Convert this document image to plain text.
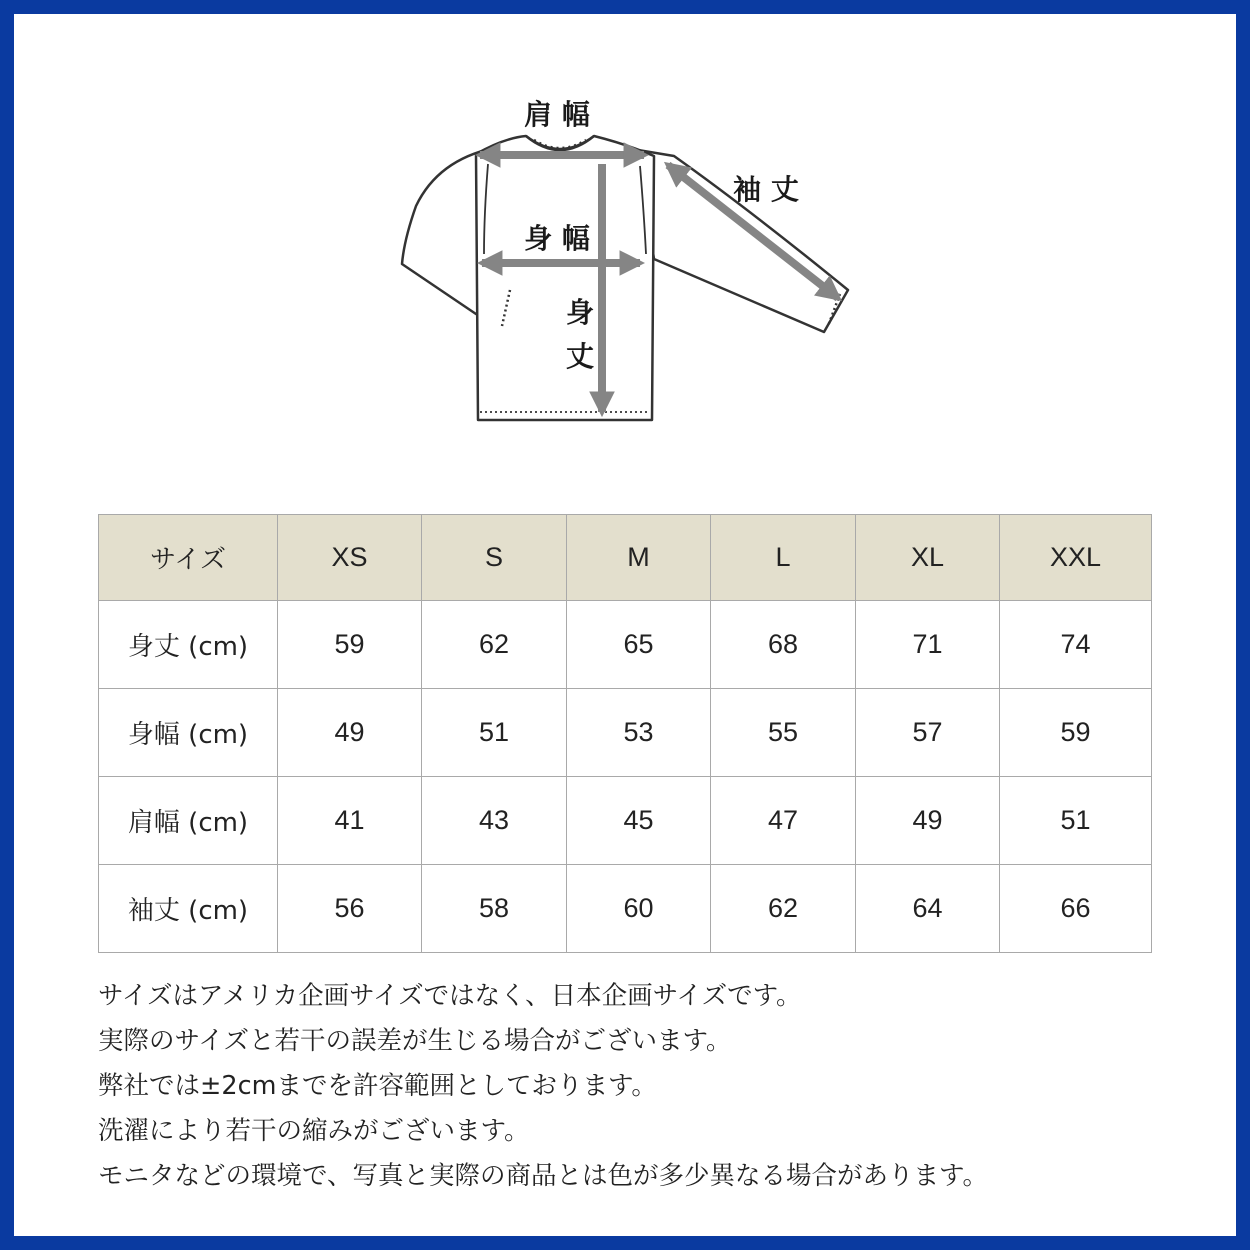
肩 幅
袖 丈
身 幅
身
丈
サイズ	XS	S	M	L	XL	XXL
身丈 (cm)	59	62	65	68	71	74
身幅 (cm)	49	51	53	55	57	59
肩幅 (cm)	41	43	45	47	49	51
袖丈 (cm)	56	58	60	62	64	66
サイズはアメリカ企画サイズではなく、日本企画サイズです。
実際のサイズと若干の誤差が生じる場合がございます。
弊社では±2cmまでを許容範囲としております。
洗濯により若干の縮みがございます。
モニタなどの環境で、写真と実際の商品とは色が多少異なる場合があります。
